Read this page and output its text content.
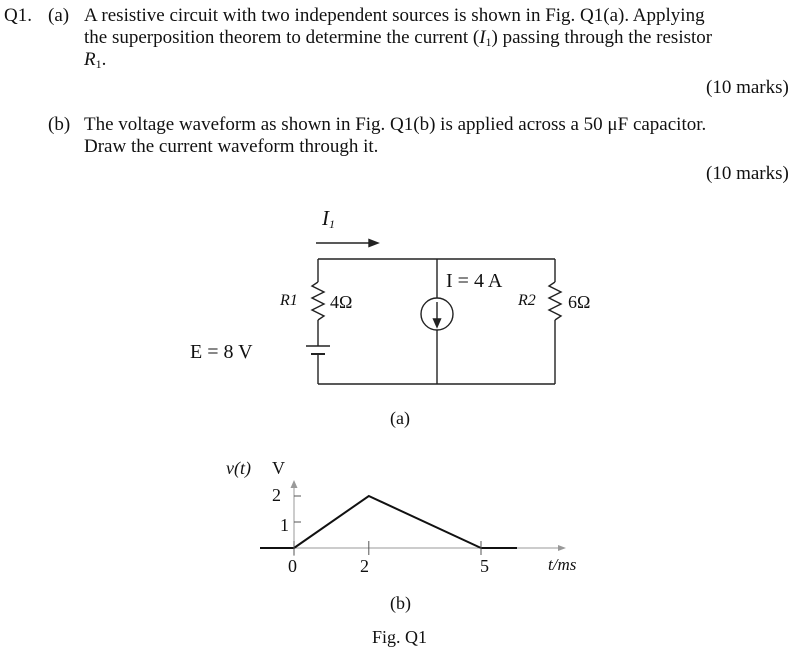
Q1. (a) A resistive circuit with two independent sources is shown in Fig. Q1(a). Applying
the superposition theorem to determine the current $(I_1)$ passing through the resistor
$R_1$.
(10 marks)
(b) The voltage waveform as shown in Fig. Q1(b) is applied across a 50 μF capacitor.
Draw the current waveform through it.
(10 marks)
$I_1$
R1 4Ω
I = 4 A
R2 6Ω
E = 8 V
(a)
v(t) V
t/ms
2
1
0	2	5
(b)
Fig. Q1
